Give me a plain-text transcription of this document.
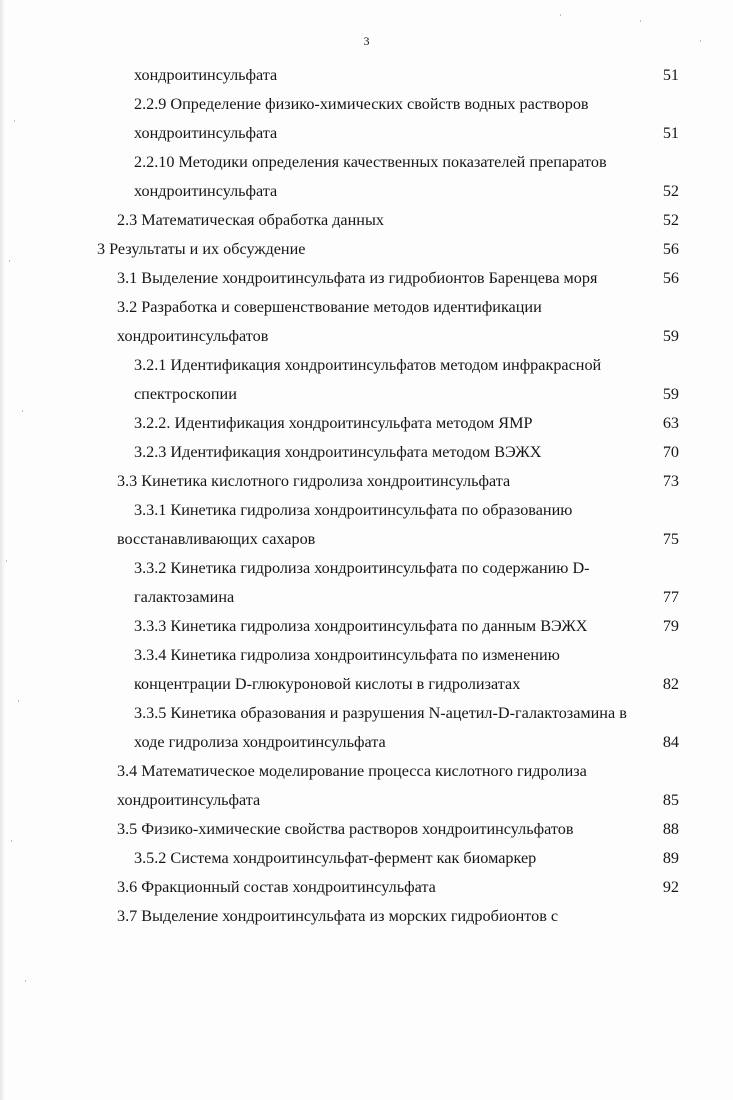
3
хондроитинсульфата	51
2.2.9 Определение физико-химических свойств водных растворов
хондроитинсульфата	51
2.2.10 Методики определения качественных показателей препаратов
хондроитинсульфата	52
2.3 Математическая обработка данных	52
3 Результаты и их обсуждение	56
3.1 Выделение хондроитинсульфата из гидробионтов Баренцева моря	56
3.2 Разработка и совершенствование методов идентификации
хондроитинсульфатов	59
3.2.1 Идентификация хондроитинсульфатов методом инфракрасной
спектроскопии	59
3.2.2. Идентификация хондроитинсульфата методом ЯМР	63
3.2.3 Идентификация хондроитинсульфата методом ВЭЖХ	70
3.3 Кинетика кислотного гидролиза хондроитинсульфата	73
3.3.1 Кинетика гидролиза хондроитинсульфата по образованию
восстанавливающих сахаров	75
3.3.2 Кинетика гидролиза хондроитинсульфата по содержанию D-
галактозамина	77
3.3.3 Кинетика гидролиза хондроитинсульфата по данным ВЭЖХ	79
3.3.4 Кинетика гидролиза хондроитинсульфата по изменению
концентрации D-глюкуроновой кислоты в гидролизатах	82
3.3.5 Кинетика образования и разрушения N-ацетил-D-галактозамина в
ходе гидролиза хондроитинсульфата	84
3.4 Математическое моделирование процесса кислотного гидролиза
хондроитинсульфата	85
3.5 Физико-химические свойства растворов хондроитинсульфатов	88
3.5.2 Система хондроитинсульфат-фермент как биомаркер	89
3.6 Фракционный состав хондроитинсульфата	92
3.7 Выделение хондроитинсульфата из морских гидробионтов с
